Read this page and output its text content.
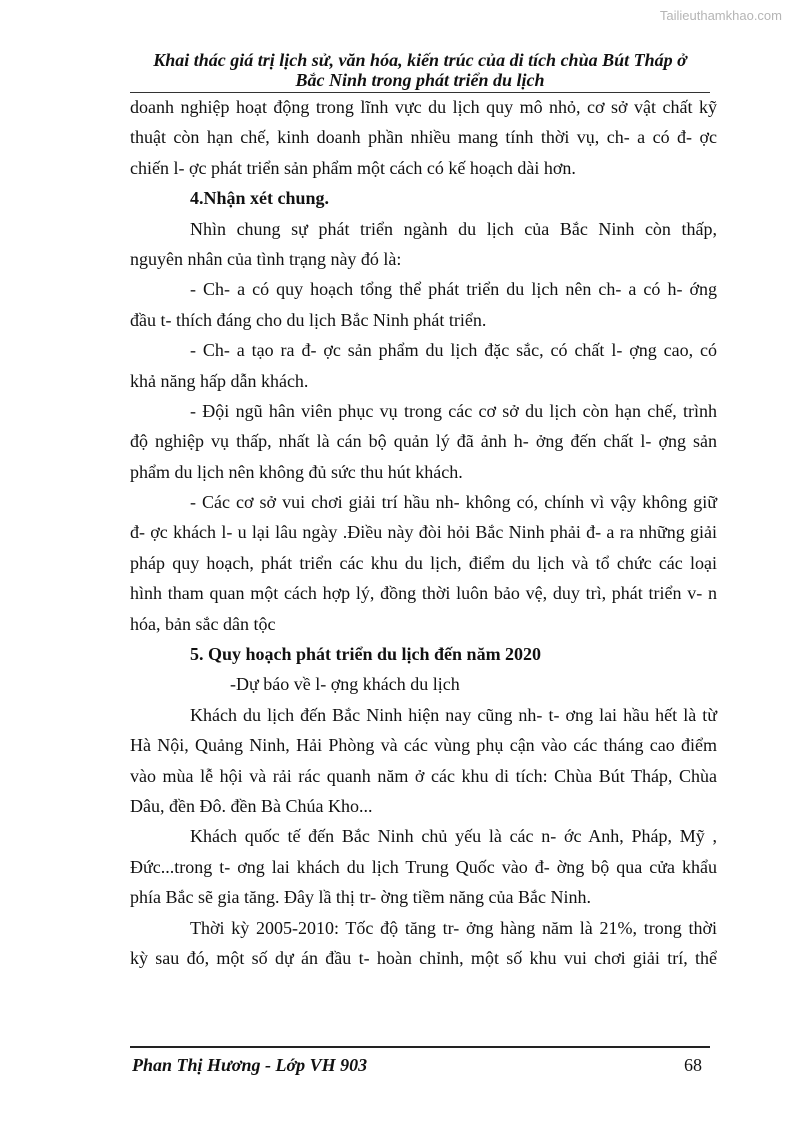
Tailieuthamkhao.com
Khai thác giá trị lịch sử, văn hóa, kiến trúc của di tích chùa Bút Tháp ở
Bắc Ninh trong phát triển du lịch
doanh nghiệp hoạt động trong lĩnh vực du lịch quy mô nhỏ, cơ sở vật chất kỹ
thuật còn hạn chế, kinh doanh phần nhiều mang tính thời vụ, ch- a có đ- ợc
chiến l- ợc phát triển sản phẩm một cách có kế hoạch dài hơn.
4.Nhận xét chung.
Nhìn chung sự phát triển ngành du lịch của Bắc Ninh còn thấp,
nguyên nhân của tình trạng này đó là:
- Ch- a có quy hoạch tổng thể phát triển du lịch nên ch- a có h- ớng
đầu t- thích đáng cho du lịch Bắc Ninh phát triển.
- Ch- a tạo ra đ- ợc sản phẩm du lịch đặc sắc, có chất l- ợng cao, có
khả năng hấp dẫn khách.
- Đội ngũ hân viên phục vụ trong các cơ sở du lịch còn hạn chế, trình
độ nghiệp vụ thấp, nhất là cán bộ quản lý đã ảnh h- ởng đến chất l- ợng sản
phẩm du lịch nên không đủ sức thu hút khách.
- Các cơ sở vui chơi giải trí hầu nh- không có, chính vì vậy không giữ
đ- ợc khách l- u lại lâu ngày .Điều này đòi hỏi Bắc Ninh phải đ- a ra những giải
pháp quy hoạch, phát triển các khu du lịch, điểm du lịch và tổ chức các loại
hình tham quan một cách hợp lý, đồng thời luôn bảo vệ, duy trì, phát triển v- n
hóa, bản sắc dân tộc
5. Quy hoạch phát triển du lịch đến năm 2020
-Dự báo về l- ợng khách du lịch
Khách du lịch đến Bắc Ninh hiện nay cũng nh- t- ơng lai hầu hết là từ
Hà Nội, Quảng Ninh, Hải Phòng và các vùng phụ cận vào các tháng cao điểm
vào mùa lễ hội và rải rác quanh năm ở các khu di tích: Chùa Bút Tháp, Chùa
Dâu, đền Đô. đền Bà Chúa Kho...
Khách quốc tế đến Bắc Ninh chủ yếu là các n- ớc Anh, Pháp, Mỹ ,
Đức...trong t- ơng lai khách du lịch Trung Quốc vào đ- ờng bộ qua cửa khẩu
phía Bắc sẽ gia tăng. Đây lầ thị tr- ờng tiềm năng của Bắc Ninh.
Thời kỳ 2005-2010: Tốc độ tăng tr- ởng hàng năm là 21%, trong thời
kỳ sau đó, một số dự án đầu t- hoàn chỉnh, một số khu vui chơi giải trí, thể
Phan Thị Hương - Lớp VH 903	68
